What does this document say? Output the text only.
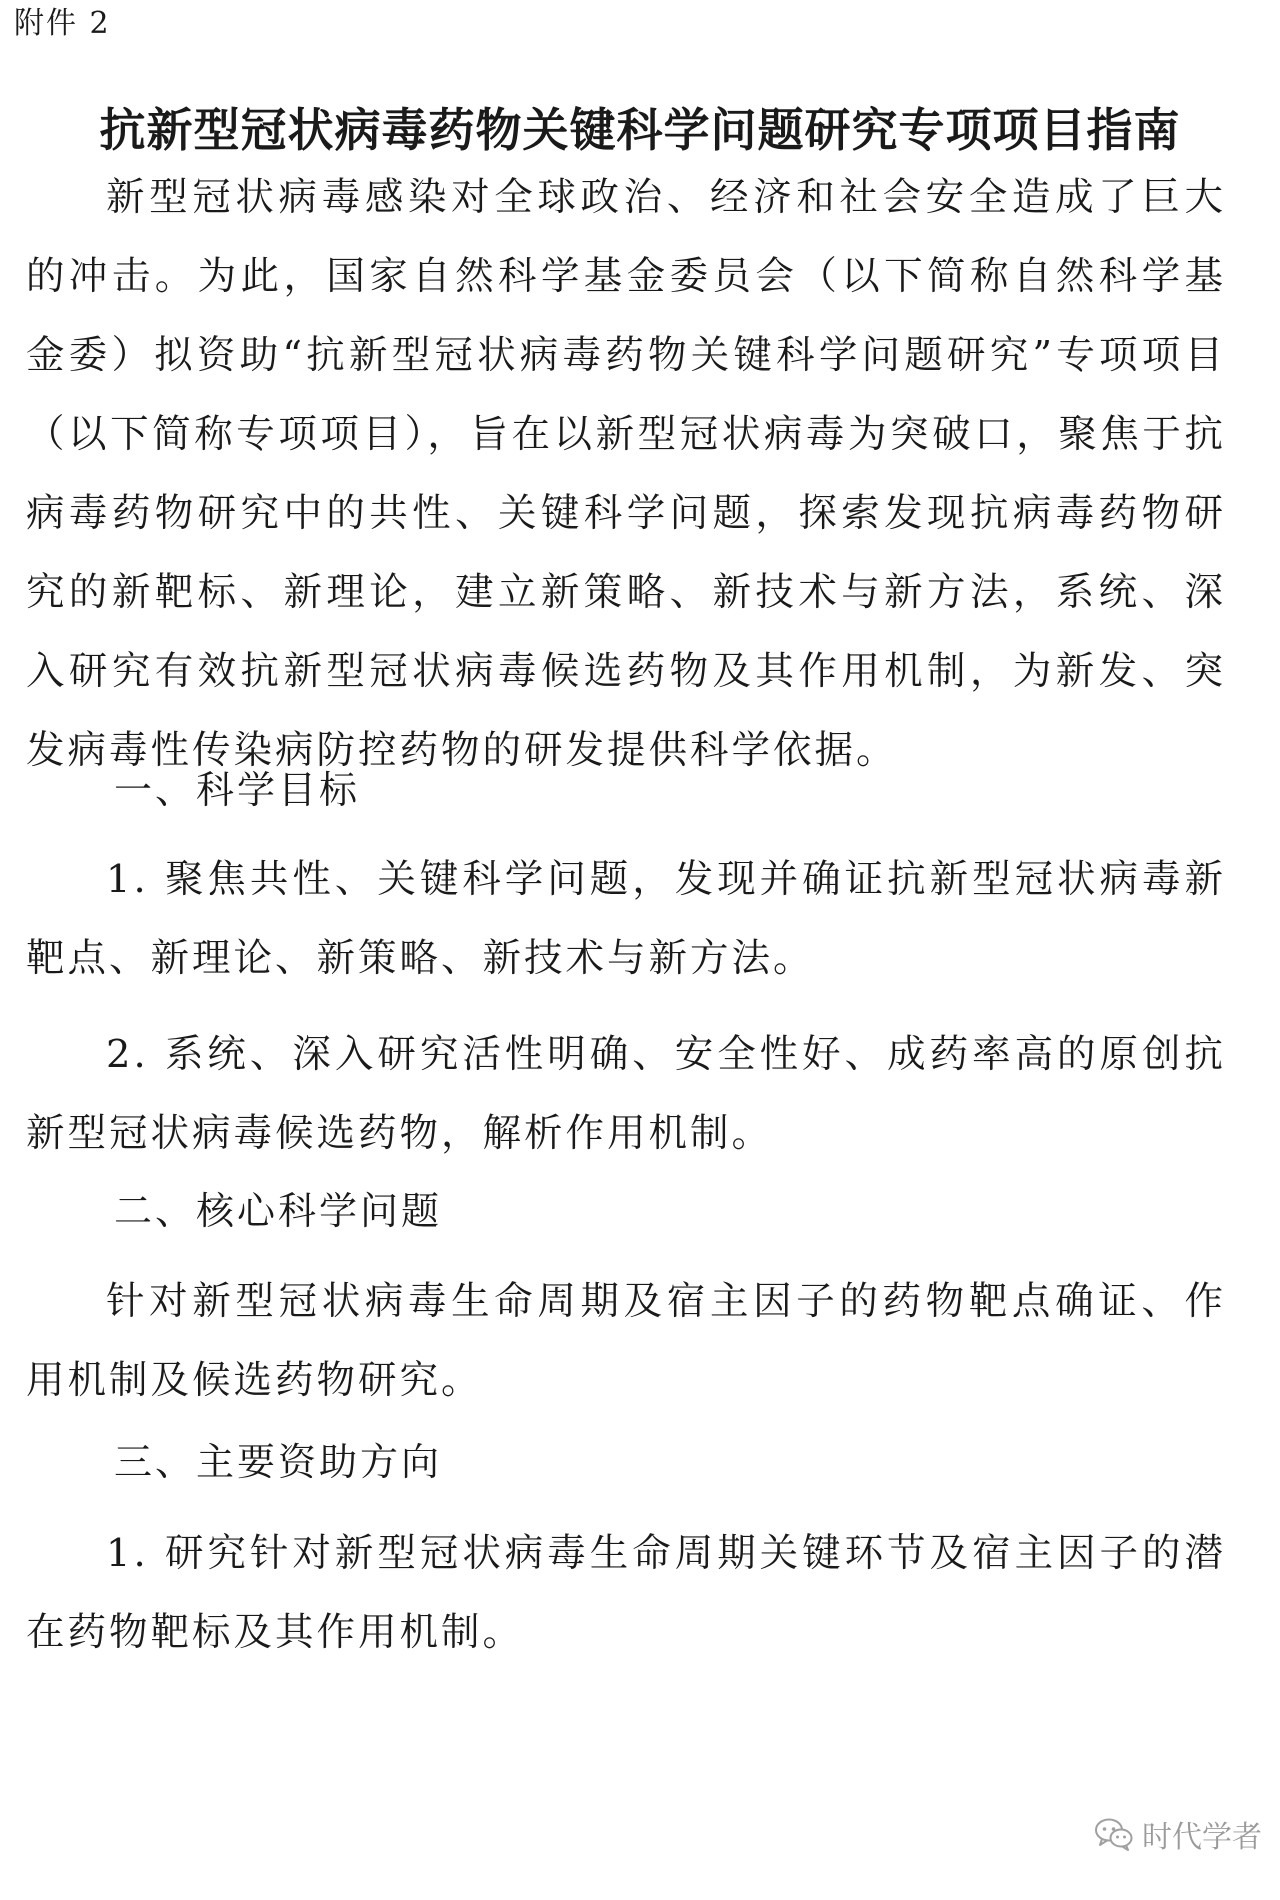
附件 2
抗新型冠状病毒药物关键科学问题研究专项项目指南

新型冠状病毒感染对全球政治、经济和社会安全造成了巨大的冲击。为此，国家自然科学基金委员会（以下简称自然科学基金委）拟资助“抗新型冠状病毒药物关键科学问题研究”专项项目（以下简称专项项目），旨在以新型冠状病毒为突破口，聚焦于抗病毒药物研究中的共性、关键科学问题，探索发现抗病毒药物研究的新靶标、新理论，建立新策略、新技术与新方法，系统、深入研究有效抗新型冠状病毒候选药物及其作用机制，为新发、突发病毒性传染病防控药物的研发提供科学依据。

一、科学目标

1. 聚焦共性、关键科学问题，发现并确证抗新型冠状病毒新靶点、新理论、新策略、新技术与新方法。

2. 系统、深入研究活性明确、安全性好、成药率高的原创抗新型冠状病毒候选药物，解析作用机制。

二、核心科学问题

针对新型冠状病毒生命周期及宿主因子的药物靶点确证、作用机制及候选药物研究。

三、主要资助方向

1. 研究针对新型冠状病毒生命周期关键环节及宿主因子的潜在药物靶标及其作用机制。

时代学者
